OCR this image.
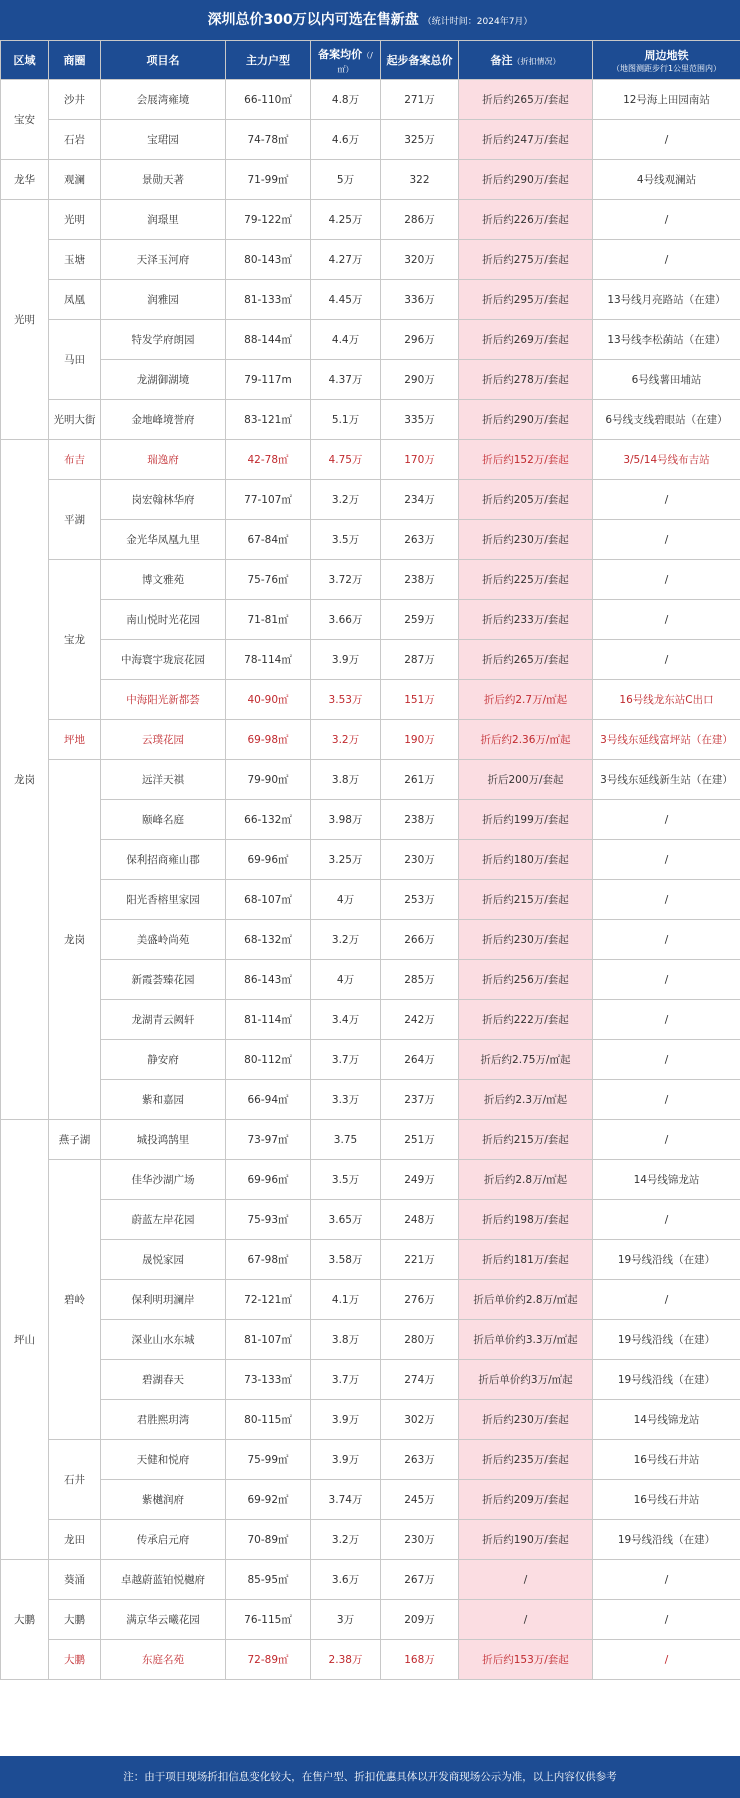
深圳总价300万以内可选在售新盘 （统计时间：2024年7月）
区域	商圈	项目名	主力户型	备案均价（/㎡）	起步备案总价	备注（折扣情况）	周边地铁
（地图测距步行1公里范围内）

宝安	沙井	会展湾雍境	66-110㎡	4.8万	271万	折后约265万/套起	12号海上田园南站
	石岩	宝珺园	74-78㎡	4.6万	325万	折后约247万/套起	/
龙华	观澜	景勋天著	71-99㎡	5万	322	折后约290万/套起	4号线观澜站
光明	光明	润璟里	79-122㎡	4.25万	286万	折后约226万/套起	/
	玉塘	天泽玉河府	80-143㎡	4.27万	320万	折后约275万/套起	/
	凤凰	润雅园	81-133㎡	4.45万	336万	折后约295万/套起	13号线月亮路站（在建）
	马田	特发学府朗园	88-144㎡	4.4万	296万	折后约269万/套起	13号线李松蓢站（在建）
		龙湖御湖境	79-117m	4.37万	290万	折后约278万/套起	6号线薯田埔站
	光明大街	金地峰境誉府	83-121㎡	5.1万	335万	折后约290万/套起	6号线支线碧眼站（在建）
龙岗	布吉	瑞逸府	42-78㎡	4.75万	170万	折后约152万/套起	3/5/14号线布吉站
	平湖	岗宏翰林华府	77-107㎡	3.2万	234万	折后约205万/套起	/
		金光华凤凰九里	67-84㎡	3.5万	263万	折后约230万/套起	/
	宝龙	博文雅苑	75-76㎡	3.72万	238万	折后约225万/套起	/
		南山悦时光花园	71-81㎡	3.66万	259万	折后约233万/套起	/
		中海寰宇珑宸花园	78-114㎡	3.9万	287万	折后约265万/套起	/
		中海阳光新都荟	40-90㎡	3.53万	151万	折后约2.7万/㎡起	16号线龙东站C出口
	坪地	云璞花园	69-98㎡	3.2万	190万	折后约2.36万/㎡起	3号线东延线富坪站（在建）
	龙岗	远洋天祺	79-90㎡	3.8万	261万	折后200万/套起	3号线东延线新生站（在建）
		颐峰名庭	66-132㎡	3.98万	238万	折后约199万/套起	/
		保利招商雍山郡	69-96㎡	3.25万	230万	折后约180万/套起	/
		阳光香榕里家园	68-107㎡	4万	253万	折后约215万/套起	/
		美盛岭尚苑	68-132㎡	3.2万	266万	折后约230万/套起	/
		新霞荟臻花园	86-143㎡	4万	285万	折后约256万/套起	/
		龙湖青云阙轩	81-114㎡	3.4万	242万	折后约222万/套起	/
		静安府	80-112㎡	3.7万	264万	折后约2.75万/㎡起	/
		紫和嘉园	66-94㎡	3.3万	237万	折后约2.3万/㎡起	/
坪山	燕子湖	城投鸿鹄里	73-97㎡	3.75	251万	折后约215万/套起	/
	碧岭	佳华沙湖广场	69-96㎡	3.5万	249万	折后约2.8万/㎡起	14号线锦龙站
		蔚蓝左岸花园	75-93㎡	3.65万	248万	折后约198万/套起	/
		晟悦家园	67-98㎡	3.58万	221万	折后约181万/套起	19号线沿线（在建）
		保利明玥澜岸	72-121㎡	4.1万	276万	折后单价约2.8万/㎡起	/
		深业山水东城	81-107㎡	3.8万	280万	折后单价约3.3万/㎡起	19号线沿线（在建）
		碧湖春天	73-133㎡	3.7万	274万	折后单价约3万/㎡起	19号线沿线（在建）
		君胜熙玥湾	80-115㎡	3.9万	302万	折后约230万/套起	14号线锦龙站
	石井	天健和悦府	75-99㎡	3.9万	263万	折后约235万/套起	16号线石井站
		紫樾润府	69-92㎡	3.74万	245万	折后约209万/套起	16号线石井站
	龙田	传承启元府	70-89㎡	3.2万	230万	折后约190万/套起	19号线沿线（在建）
大鹏	葵涌	卓越蔚蓝铂悦樾府	85-95㎡	3.6万	267万	/	/
	大鹏	满京华云曦花园	76-115㎡	3万	209万	/	/
	大鹏	东庭名苑	72-89㎡	2.38万	168万	折后约153万/套起	/
注：由于项目现场折扣信息变化较大，在售户型、折扣优惠具体以开发商现场公示为准，以上内容仅供参考
